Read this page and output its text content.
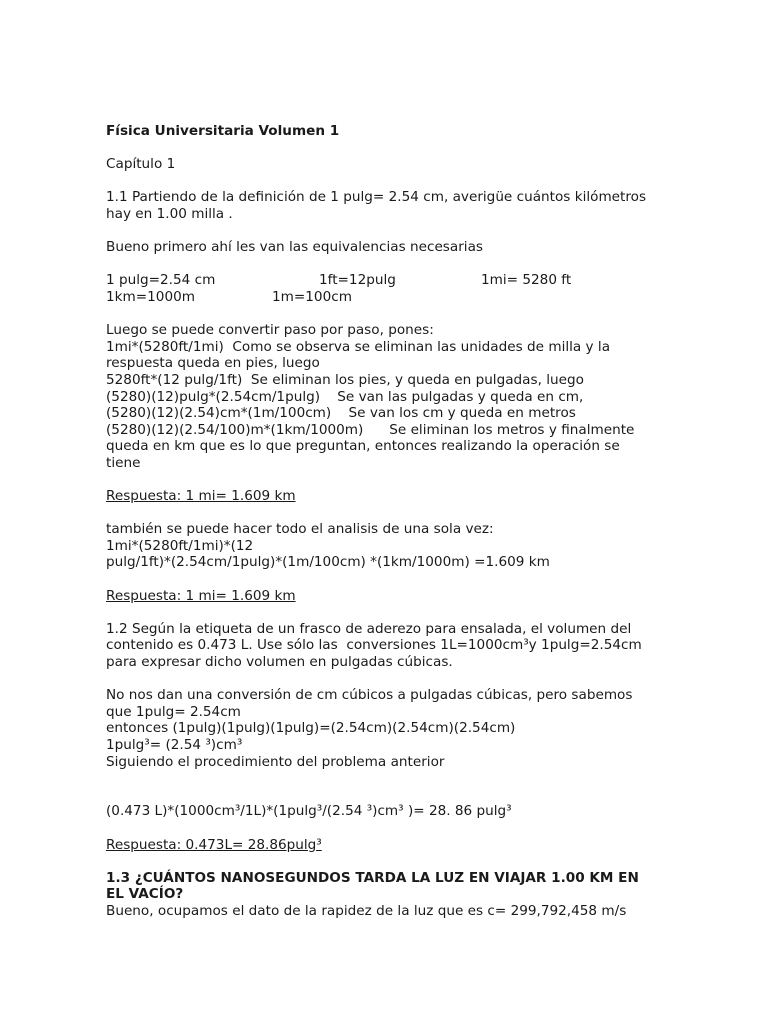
Física Universitaria Volumen 1
Capítulo 1
1.1 Partiendo de la definición de 1 pulg= 2.54 cm, averigüe cuántos kilómetros
hay en 1.00 milla .
Bueno primero ahí les van las equivalencias necesarias
1 pulg=2.54 cm	1ft=12pulg	1mi= 5280 ft
1km=1000m	1m=100cm
Luego se puede convertir paso por paso, pones:
1mi*(5280ft/1mi)  Como se observa se eliminan las unidades de milla y la
respuesta queda en pies, luego
5280ft*(12 pulg/1ft)  Se eliminan los pies, y queda en pulgadas, luego
(5280)(12)pulg*(2.54cm/1pulg)    Se van las pulgadas y queda en cm,
(5280)(12)(2.54)cm*(1m/100cm)    Se van los cm y queda en metros
(5280)(12)(2.54/100)m*(1km/1000m)      Se eliminan los metros y finalmente
queda en km que es lo que preguntan, entonces realizando la operación se
tiene
Respuesta: 1 mi= 1.609 km
también se puede hacer todo el analisis de una sola vez:
1mi*(5280ft/1mi)*(12
pulg/1ft)*(2.54cm/1pulg)*(1m/100cm) *(1km/1000m) =1.609 km
Respuesta: 1 mi= 1.609 km
1.2 Según la etiqueta de un frasco de aderezo para ensalada, el volumen del
contenido es 0.473 L. Use sólo las  conversiones 1L=1000cm³y 1pulg=2.54cm
para expresar dicho volumen en pulgadas cúbicas.
No nos dan una conversión de cm cúbicos a pulgadas cúbicas, pero sabemos
que 1pulg= 2.54cm
entonces (1pulg)(1pulg)(1pulg)=(2.54cm)(2.54cm)(2.54cm)
1pulg³= (2.54 ³)cm³
Siguiendo el procedimiento del problema anterior
(0.473 L)*(1000cm³/1L)*(1pulg³/(2.54 ³)cm³ )= 28. 86 pulg³
Respuesta: 0.473L= 28.86pulg³
1.3 ¿CUÁNTOS NANOSEGUNDOS TARDA LA LUZ EN VIAJAR 1.00 KM EN
EL VACÍO?
Bueno, ocupamos el dato de la rapidez de la luz que es c= 299,792,458 m/s
